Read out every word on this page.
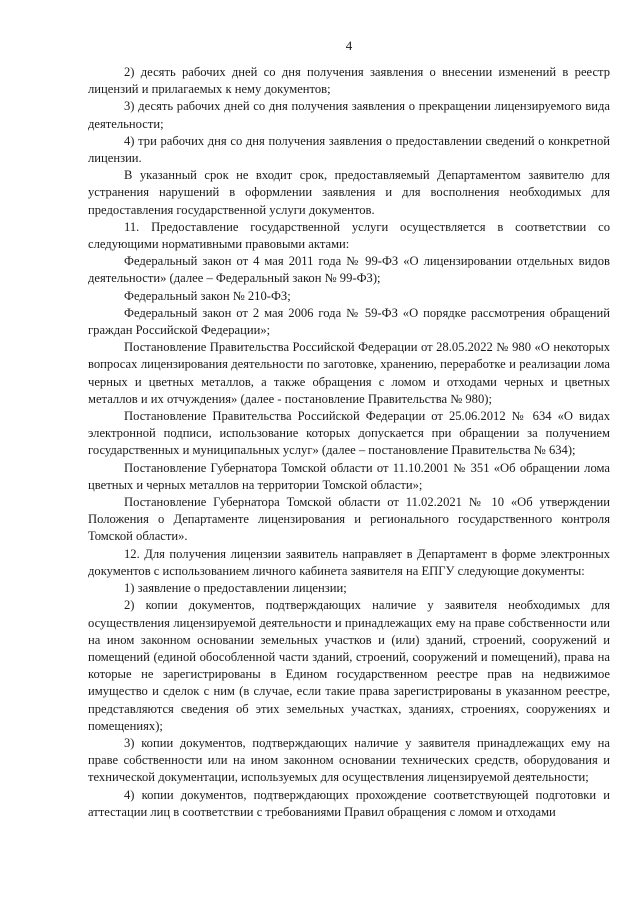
4

2) десять рабочих дней со дня получения заявления о внесении изменений в реестр лицензий и прилагаемых к нему документов;

3) десять рабочих дней со дня получения заявления о прекращении лицензируемого вида деятельности;

4) три рабочих дня со дня получения заявления о предоставлении сведений о конкретной лицензии.

В указанный срок не входит срок, предоставляемый Департаментом заявителю для устранения нарушений в оформлении заявления и для восполнения необходимых для предоставления государственной услуги документов.

11. Предоставление государственной услуги осуществляется в соответствии со следующими нормативными правовыми актами:

Федеральный закон от 4 мая 2011 года № 99-ФЗ «О лицензировании отдельных видов деятельности» (далее – Федеральный закон № 99-ФЗ);

Федеральный закон № 210-ФЗ;

Федеральный закон от 2 мая 2006 года № 59-ФЗ «О порядке рассмотрения обращений граждан Российской Федерации»;

Постановление Правительства Российской Федерации от 28.05.2022 № 980 «О некоторых вопросах лицензирования деятельности по заготовке, хранению, переработке и реализации лома черных и цветных металлов, а также обращения с ломом и отходами черных и цветных металлов и их отчуждения» (далее - постановление Правительства № 980);

Постановление Правительства Российской Федерации от 25.06.2012 № 634 «О видах электронной подписи, использование которых допускается при обращении за получением государственных и муниципальных услуг» (далее – постановление Правительства № 634);

Постановление Губернатора Томской области от 11.10.2001 № 351 «Об обращении лома цветных и черных металлов на территории Томской области»;

Постановление Губернатора Томской области от 11.02.2021 № 10 «Об утверждении Положения о Департаменте лицензирования и регионального государственного контроля Томской области».

12. Для получения лицензии заявитель направляет в Департамент в форме электронных документов с использованием личного кабинета заявителя на ЕПГУ следующие документы:

1) заявление о предоставлении лицензии;

2) копии документов, подтверждающих наличие у заявителя необходимых для осуществления лицензируемой деятельности и принадлежащих ему на праве собственности или на ином законном основании земельных участков и (или) зданий, строений, сооружений и помещений (единой обособленной части зданий, строений, сооружений и помещений), права на которые не зарегистрированы в Едином государственном реестре прав на недвижимое имущество и сделок с ним (в случае, если такие права зарегистрированы в указанном реестре, представляются сведения об этих земельных участках, зданиях, строениях, сооружениях и помещениях);

3) копии документов, подтверждающих наличие у заявителя принадлежащих ему на праве собственности или на ином законном основании технических средств, оборудования и технической документации, используемых для осуществления лицензируемой деятельности;

4) копии документов, подтверждающих прохождение соответствующей подготовки и аттестации лиц в соответствии с требованиями Правил обращения с ломом и отходами
